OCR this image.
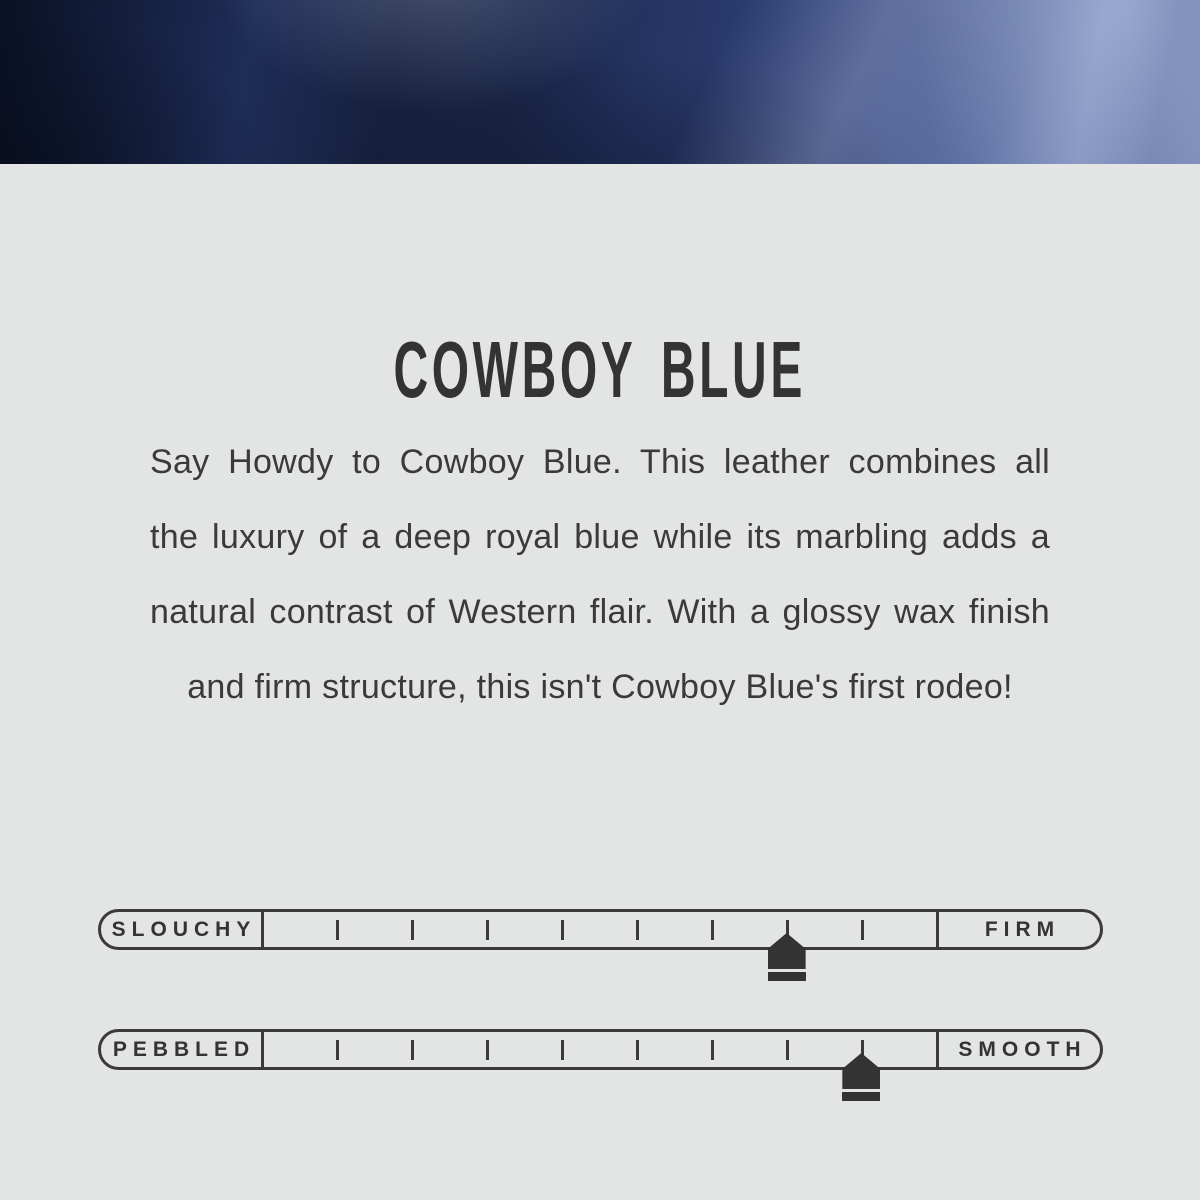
COWBOY BLUE

Say Howdy to Cowboy Blue. This leather combines all

the luxury of a deep royal blue while its marbling adds a

natural contrast of Western flair. With a glossy wax finish

and firm structure, this isn't Cowboy Blue's first rodeo!

SLOUCHY	FIRM
PEBBLED	SMOOTH
